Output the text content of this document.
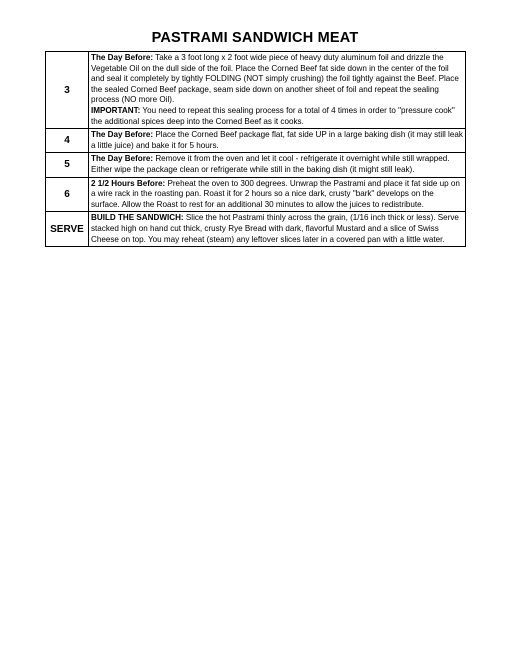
PASTRAMI SANDWICH MEAT
3	The Day Before: Take a 3 foot long x 2 foot wide piece of heavy duty aluminum foil and drizzle the Vegetable Oil on the dull side of the foil. Place the Corned Beef fat side down in the center of the foil and seal it completely by tightly FOLDING (NOT simply crushing) the foil tightly against the Beef. Place the sealed Corned Beef package, seam side down on another sheet of foil and repeat the sealing process (NO more Oil).

IMPORTANT: You need to repeat this sealing process for a total of 4 times in order to "pressure cook" the additional spices deep into the Corned Beef as it cooks.

4	The Day Before: Place the Corned Beef package flat, fat side UP in a large baking dish (it may still leak a little juice) and bake it for 5 hours.

5	The Day Before: Remove it from the oven and let it cool - refrigerate it overnight while still wrapped. Either wipe the package clean or refrigerate while still in the baking dish (it might still leak).

6	2 1/2 Hours Before: Preheat the oven to 300 degrees. Unwrap the Pastrami and place it fat side up on a wire rack in the roasting pan. Roast it for 2 hours so a nice dark, crusty "bark" develops on the surface. Allow the Roast to rest for an additional 30 minutes to allow the juices to redistribute.

SERVE	BUILD THE SANDWICH: Slice the hot Pastrami thinly across the grain, (1/16 inch thick or less). Serve stacked high on hand cut thick, crusty Rye Bread with dark, flavorful Mustard and a slice of Swiss Cheese on top. You may reheat (steam) any leftover slices later in a covered pan with a little water.
